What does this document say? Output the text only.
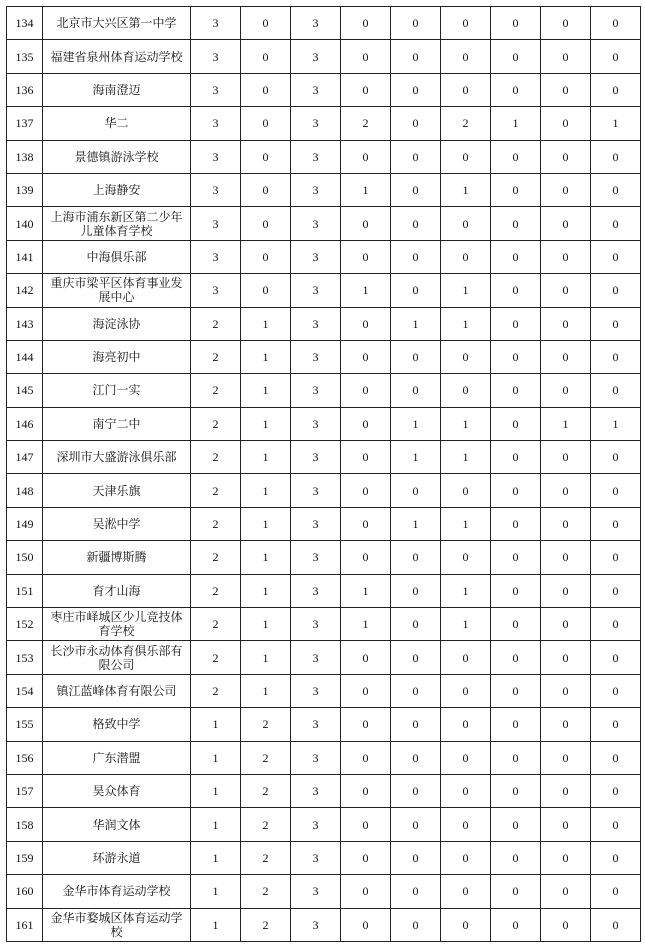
134	北京市大兴区第一中学	3	0	3	0	0	0	0	0	0
135	福建省泉州体育运动学校	3	0	3	0	0	0	0	0	0
136	海南澄迈	3	0	3	0	0	0	0	0	0
137	华二	3	0	3	2	0	2	1	0	1
138	景德镇游泳学校	3	0	3	0	0	0	0	0	0
139	上海静安	3	0	3	1	0	1	0	0	0
140	上海市浦东新区第二少年儿童体育学校	3	0	3	0	0	0	0	0	0
141	中海俱乐部	3	0	3	0	0	0	0	0	0
142	重庆市梁平区体育事业发展中心	3	0	3	1	0	1	0	0	0
143	海淀泳协	2	1	3	0	1	1	0	0	0
144	海亮初中	2	1	3	0	0	0	0	0	0
145	江门一实	2	1	3	0	0	0	0	0	0
146	南宁二中	2	1	3	0	1	1	0	1	1
147	深圳市大盛游泳俱乐部	2	1	3	0	1	1	0	0	0
148	天津乐旗	2	1	3	0	0	0	0	0	0
149	吴淞中学	2	1	3	0	1	1	0	0	0
150	新疆博斯腾	2	1	3	0	0	0	0	0	0
151	育才山海	2	1	3	1	0	1	0	0	0
152	枣庄市峄城区少儿竞技体育学校	2	1	3	1	0	1	0	0	0
153	长沙市永动体育俱乐部有限公司	2	1	3	0	0	0	0	0	0
154	镇江蓝峰体育有限公司	2	1	3	0	0	0	0	0	0
155	格致中学	1	2	3	0	0	0	0	0	0
156	广东潜盟	1	2	3	0	0	0	0	0	0
157	昊众体育	1	2	3	0	0	0	0	0	0
158	华润文体	1	2	3	0	0	0	0	0	0
159	环游永道	1	2	3	0	0	0	0	0	0
160	金华市体育运动学校	1	2	3	0	0	0	0	0	0
161	金华市婺城区体育运动学校	1	2	3	0	0	0	0	0	0
